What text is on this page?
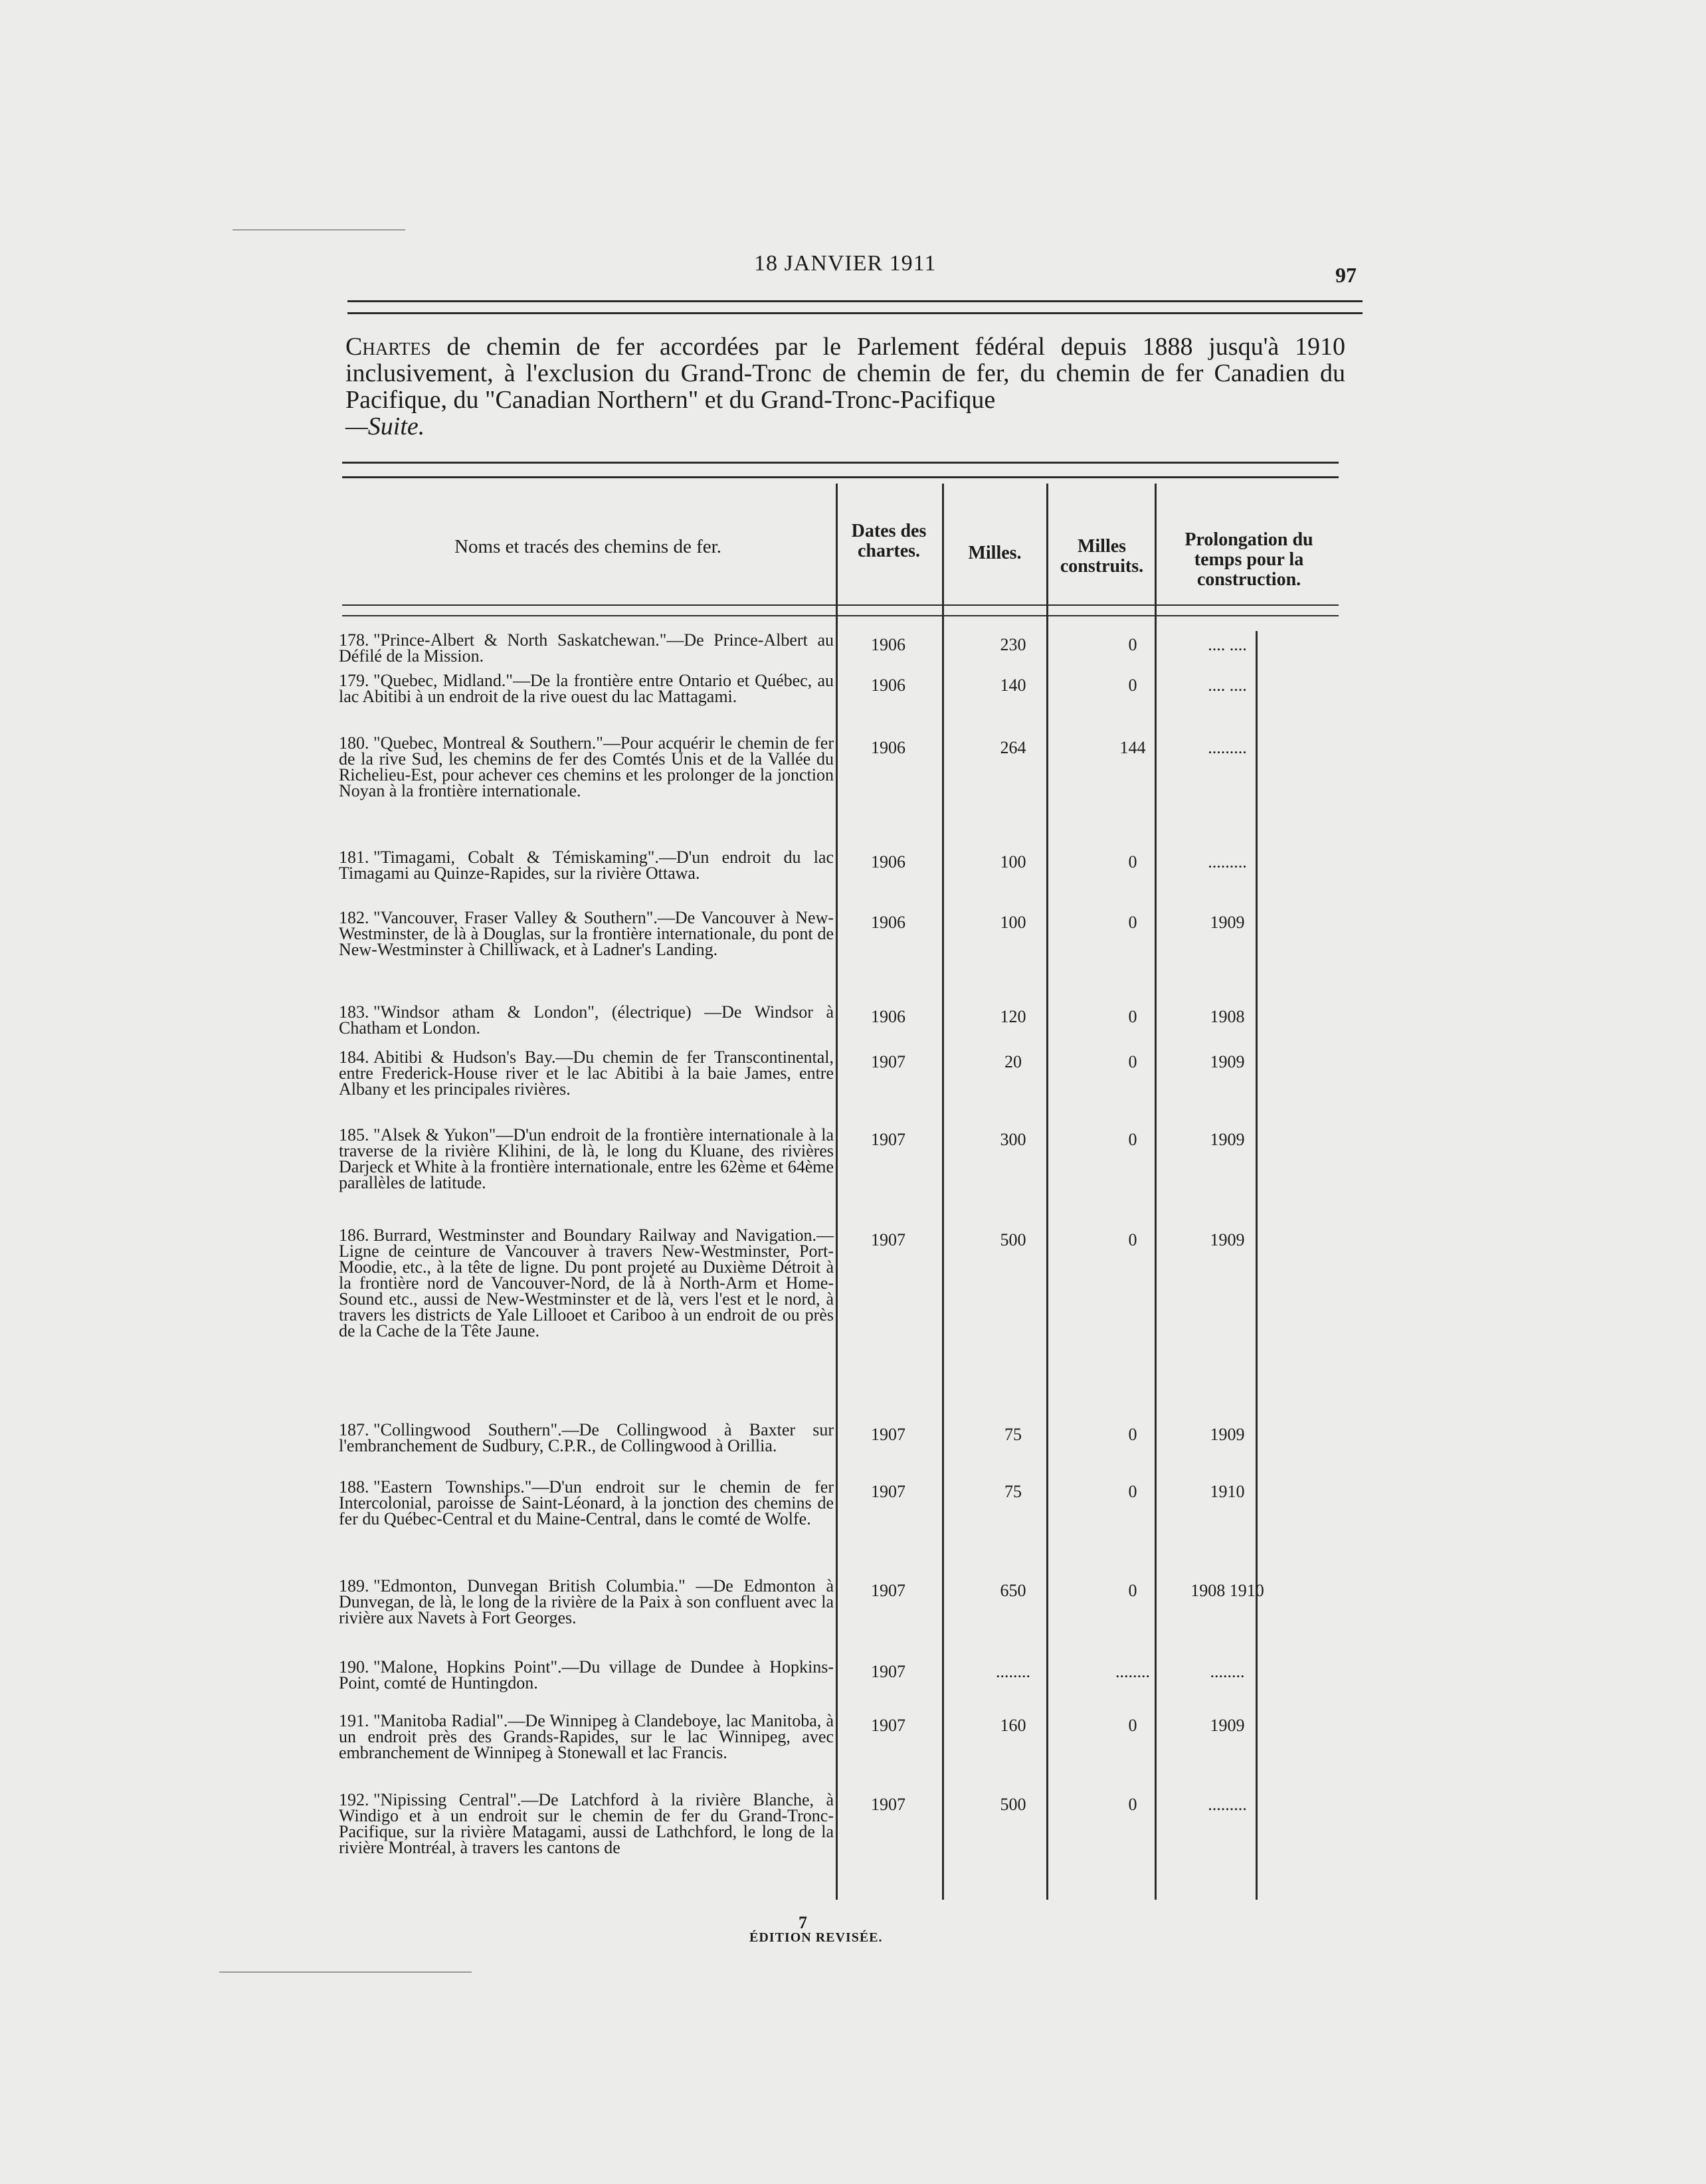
18 JANVIER 1911	97
Chartes de chemin de fer accordées par le Parlement fédéral depuis 1888 jusqu'à 1910 inclusivement, à l'exclusion du Grand-Tronc de chemin de fer, du chemin de fer Canadien du Pacifique, du "Canadian Northern" et du Grand-Tronc-Pacifique
—Suite.
Noms et tracés des chemins de fer.
Dates des chartes.	Milles.	Milles construits.
Prolongation du temps pour la construction.
178. "Prince-Albert & North Saskatchewan."—De Prince-Albert au Défilé de la Mission.
1906	230	0	.... ....
179. "Quebec, Midland."—De la frontière entre Ontario et Québec, au lac Abitibi à un endroit de la rive ouest du lac Mattagami.
1906	140	0	.... ....
180. "Quebec, Montreal & Southern."—Pour acquérir le chemin de fer de la rive Sud, les chemins de fer des Comtés Unis et de la Vallée du Richelieu-Est, pour achever ces chemins et les prolonger de la jonction Noyan à la frontière internationale.
1906	264	144	.........
181. "Timagami, Cobalt & Témiskaming".—D'un endroit du lac Timagami au Quinze-Rapides, sur la rivière Ottawa.
1906	100	0	.........
182. "Vancouver, Fraser Valley & Southern".—De Vancouver à New-Westminster, de là à Douglas, sur la frontière internationale, du pont de New-Westminster à Chilliwack, et à Ladner's Landing.
1906	100	0	1909
183. "Windsor atham & London", (électrique) —De Windsor à Chatham et London.
1906	120	0	1908
184. Abitibi & Hudson's Bay.—Du chemin de fer Transcontinental, entre Frederick-House river et le lac Abitibi à la baie James, entre Albany et les principales rivières.
1907	20	0	1909
185. "Alsek & Yukon"—D'un endroit de la frontière internationale à la traverse de la rivière Klihini, de là, le long du Kluane, des rivières Darjeck et White à la frontière internationale, entre les 62ème et 64ème parallèles de latitude.
1907	300	0	1909
186. Burrard, Westminster and Boundary Railway and Navigation.—Ligne de ceinture de Vancouver à travers New-Westminster, Port-Moodie, etc., à la tête de ligne. Du pont projeté au Duxième Détroit à la frontière nord de Vancouver-Nord, de là à North-Arm et Home-Sound etc., aussi de New-Westminster et de là, vers l'est et le nord, à travers les districts de Yale Lillooet et Cariboo à un endroit de ou près de la Cache de la Tête Jaune.
1907	500	0	1909
187. "Collingwood Southern".—De Collingwood à Baxter sur l'embranchement de Sudbury, C.P.R., de Collingwood à Orillia.
1907	75	0	1909
188. "Eastern Townships."—D'un endroit sur le chemin de fer Intercolonial, paroisse de Saint-Léonard, à la jonction des chemins de fer du Québec-Central et du Maine-Central, dans le comté de Wolfe.
1907	75	0	1910
189. "Edmonton, Dunvegan British Columbia." —De Edmonton à Dunvegan, de là, le long de la rivière de la Paix à son confluent avec la rivière aux Navets à Fort Georges.
1907	650	0	1908 1910
190. "Malone, Hopkins Point".—Du village de Dundee à Hopkins-Point, comté de Huntingdon.
1907	........	........	........
191. "Manitoba Radial".—De Winnipeg à Clandeboye, lac Manitoba, à un endroit près des Grands-Rapides, sur le lac Winnipeg, avec embranchement de Winnipeg à Stonewall et lac Francis.
1907	160	0	1909
192. "Nipissing Central".—De Latchford à la rivière Blanche, à Windigo et à un endroit sur le chemin de fer du Grand-Tronc-Pacifique, sur la rivière Matagami, aussi de Lathchford, le long de la rivière Montréal, à travers les cantons de
1907	500	0	.........
7
ÉDITION REVISÉE.
